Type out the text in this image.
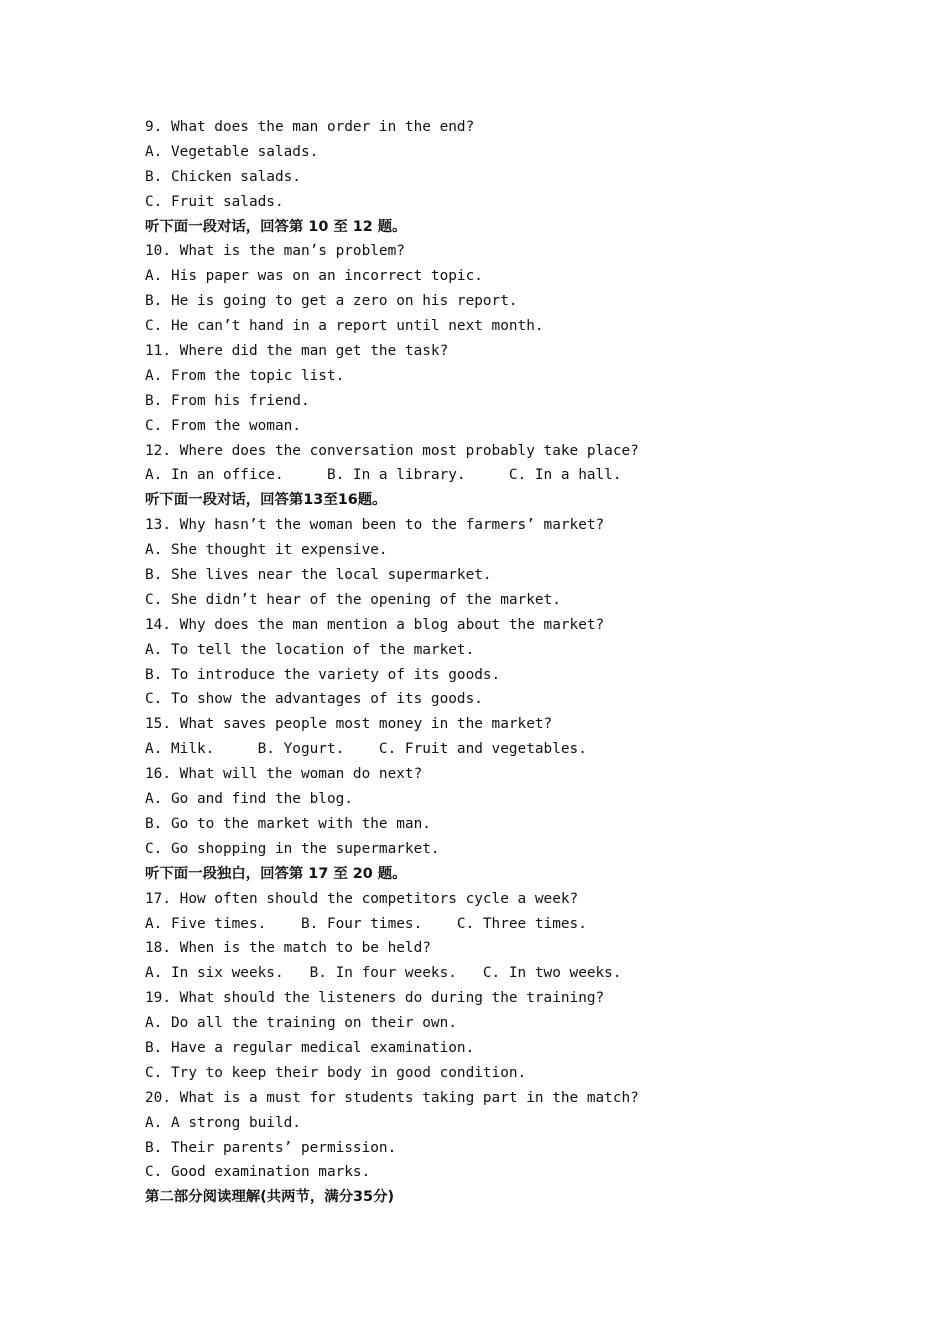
9. What does the man order in the end?
A. Vegetable salads.
B. Chicken salads.
C. Fruit salads.
听下面一段对话，回答第 10 至 12 题。
10. What is the man’s problem?
A. His paper was on an incorrect topic.
B. He is going to get a zero on his report.
C. He can’t hand in a report until next month.
11. Where did the man get the task?
A. From the topic list.
B. From his friend.
C. From the woman.
12. Where does the conversation most probably take place?
A. In an office.     B. In a library.     C. In a hall.
听下面一段对话，回答第13至16题。
13. Why hasn’t the woman been to the farmers’ market?
A. She thought it expensive.
B. She lives near the local supermarket.
C. She didn’t hear of the opening of the market.
14. Why does the man mention a blog about the market?
A. To tell the location of the market.
B. To introduce the variety of its goods.
C. To show the advantages of its goods.
15. What saves people most money in the market?
A. Milk.     B. Yogurt.    C. Fruit and vegetables.
16. What will the woman do next?
A. Go and find the blog.
B. Go to the market with the man.
C. Go shopping in the supermarket.
听下面一段独白，回答第 17 至 20 题。
17. How often should the competitors cycle a week?
A. Five times.    B. Four times.    C. Three times.
18. When is the match to be held?
A. In six weeks.   B. In four weeks.   C. In two weeks.
19. What should the listeners do during the training?
A. Do all the training on their own.
B. Have a regular medical examination.
C. Try to keep their body in good condition.
20. What is a must for students taking part in the match?
A. A strong build.
B. Their parents’ permission.
C. Good examination marks.
第二部分阅读理解(共两节，满分35分)
